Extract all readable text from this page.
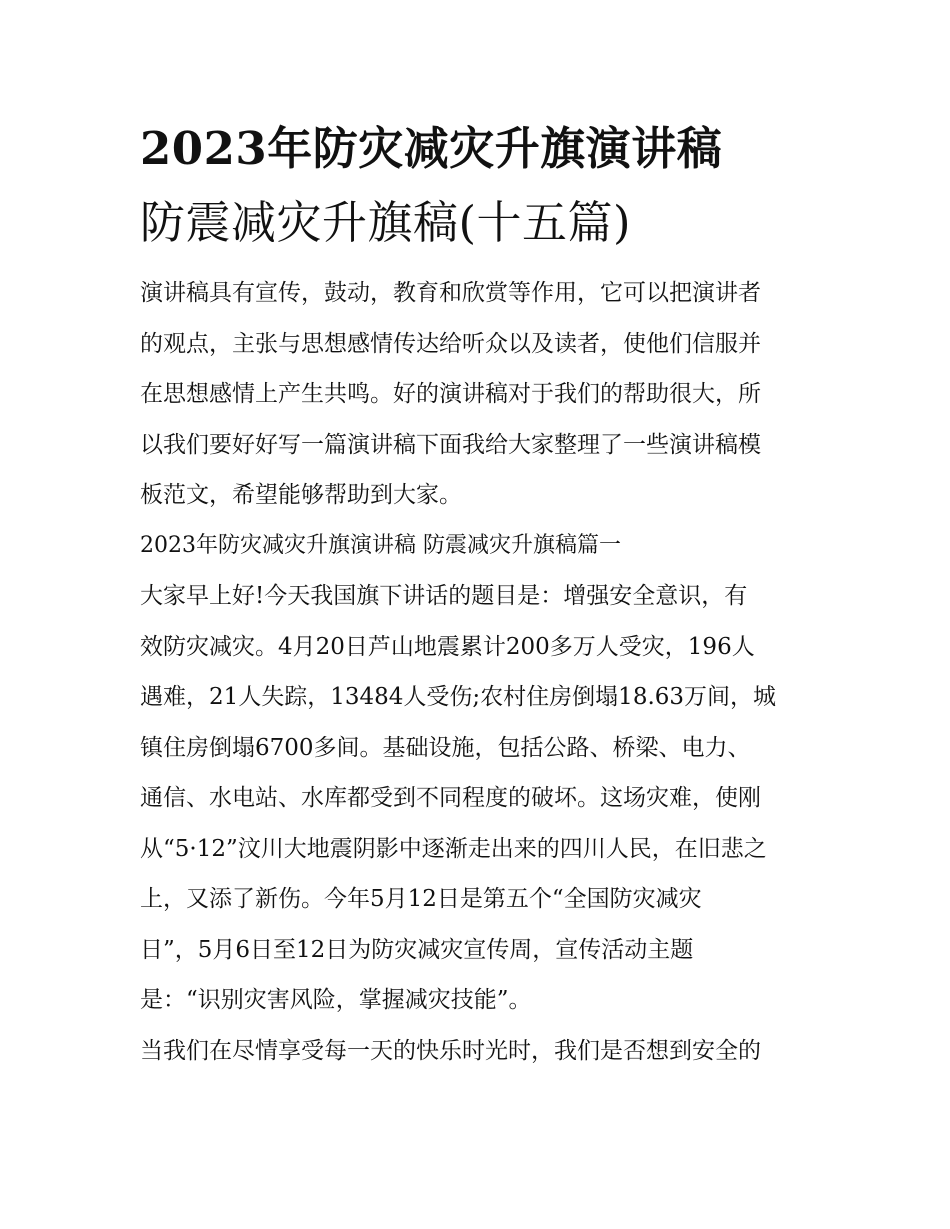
2023年防灾减灾升旗演讲稿
防震减灾升旗稿(十五篇)
演讲稿具有宣传，鼓动，教育和欣赏等作用，它可以把演讲者
的观点，主张与思想感情传达给听众以及读者，使他们信服并
在思想感情上产生共鸣。好的演讲稿对于我们的帮助很大，所
以我们要好好写一篇演讲稿下面我给大家整理了一些演讲稿模
板范文，希望能够帮助到大家。
2023年防灾减灾升旗演讲稿 防震减灾升旗稿篇一
大家早上好!今天我国旗下讲话的题目是：增强安全意识，有
效防灾减灾。4月20日芦山地震累计200多万人受灾，196人
遇难，21人失踪，13484人受伤;农村住房倒塌18.63万间，城
镇住房倒塌6700多间。基础设施，包括公路、桥梁、电力、
通信、水电站、水库都受到不同程度的破坏。这场灾难，使刚
从“5·12”汶川大地震阴影中逐渐走出来的四川人民，在旧悲之
上，又添了新伤。今年5月12日是第五个“全国防灾减灾
日”，5月6日至12日为防灾减灾宣传周，宣传活动主题
是：“识别灾害风险，掌握减灾技能”。
当我们在尽情享受每一天的快乐时光时，我们是否想到安全的
